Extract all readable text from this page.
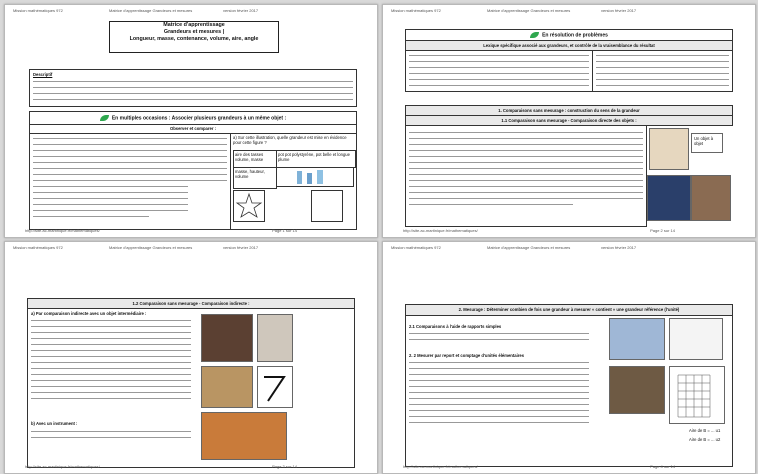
Mission mathématiques 972	Matrice d'apprentissage Grandeurs et mesures	version février 2017
Matrice d'apprentissage
Grandeurs et mesures |
Longueur, masse, contenance, volume, aire, angle
Descriptif
En multiples occasions : Associer plusieurs grandeurs à un même objet :
Observer et comparer :
a) Sur cette illustration, quelle grandeur est mise en évidence pour cette figure ?
aire des tasses volume, masse
pot pot polystyrène, pot belle et longue plume
masse, hauteur, volume
http://site.ac-martinique.fr/mathematiques/	Page 1 sur 14
Mission mathématiques 972	Matrice d'apprentissage Grandeurs et mesures	version février 2017
En résolution de problèmes
Lexique spécifique associé aux grandeurs, et contrôle de la vraisemblance du résultat
1. Comparaisons sans mesurage : construction du sens de la grandeur
1.1 Comparaison sans mesurage - Comparaison directe des objets :
Un objet à objet
http://site.ac-martinique.fr/mathematiques/	Page 2 sur 14
Mission mathématiques 972	Matrice d'apprentissage Grandeurs et mesures	version février 2017
1.2 Comparaison sans mesurage - Comparaison indirecte :
a) Par comparaison indirecte avec un objet intermédiaire :
b) Avec un instrument :
http://site.ac-martinique.fr/mathematiques/	Page 3 sur 14
Mission mathématiques 972	Matrice d'apprentissage Grandeurs et mesures	version février 2017
2. Mesurage : Déterminer combien de fois une grandeur à mesurer « contient » une grandeur référence (l'unité)
2.1 Comparaisons à l'aide de rapports simples
2. 2 Mesurer par report et comptage d'unités élémentaires
Aire de B = ... u1
Aire de B = ... u2
http://site.ac-martinique.fr/mathematiques/	Page 4 sur 14
